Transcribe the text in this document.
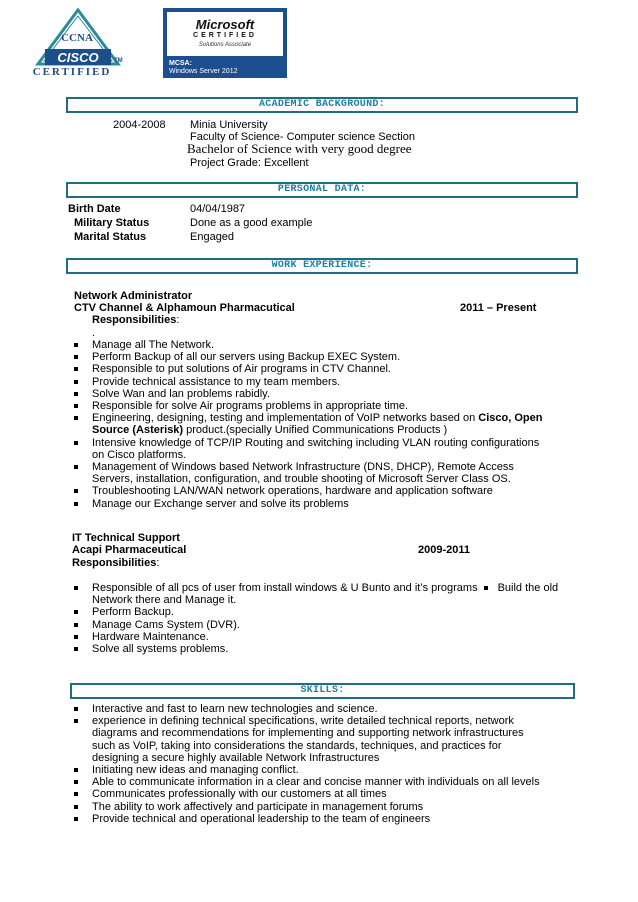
CCNA
CISCO	TM
CERTIFIED
Microsoft
CERTIFIED
Solutions Associate
MCSA:
Windows Server 2012
ACADEMIC BACKGROUND:
2004-2008 Minia University
Faculty of Science- Computer science Section
Bachelor of Science with very good degree
Project Grade: Excellent
PERSONAL DATA:
Birth Date	04/04/1987
Military Status	Done as a good example
Marital Status	Engaged
WORK EXPERIENCE:
Network Administrator
CTV Channel & Alphamoun Pharmacutical	2011 – Present
Responsibilities:
.
Manage all The Network.
Perform Backup of all our servers using Backup EXEC System.
Responsible to put solutions of Air programs in CTV Channel.
Provide technical assistance to my team members.
Solve Wan and lan problems rabidly.
Responsible for solve Air programs problems in appropriate time.
Engineering, designing, testing and implementation of VoIP networks based on Cisco, Open Source (Asterisk) product.(specially Unified Communications Products )
Intensive knowledge of TCP/IP Routing and switching including VLAN routing configurations on Cisco platforms.
Management of Windows based Network Infrastructure (DNS, DHCP), Remote Access Servers, installation, configuration, and trouble shooting of Microsoft Server Class OS.
Troubleshooting LAN/WAN network operations, hardware and application software
Manage our Exchange server and solve its problems
IT Technical Support
Acapi Pharmaceutical	2009-2011
Responsibilities:
Responsible of all pcs of user from install windows & U Bunto and it’s programs Build the old
Network there and Manage it.
Perform Backup.
Manage Cams System (DVR).
Hardware Maintenance.
Solve all systems problems.
SKILLS:
Interactive and fast to learn new technologies and science.
experience in defining technical specifications, write detailed technical reports, network diagrams and recommendations for implementing and supporting network infrastructures such as VoIP, taking into considerations the standards, techniques, and practices for designing a secure highly available Network Infrastructures
Initiating new ideas and managing conflict.
Able to communicate information in a clear and concise manner with individuals on all levels
Communicates professionally with our customers at all times
The ability to work affectively and participate in management forums
Provide technical and operational leadership to the team of engineers
